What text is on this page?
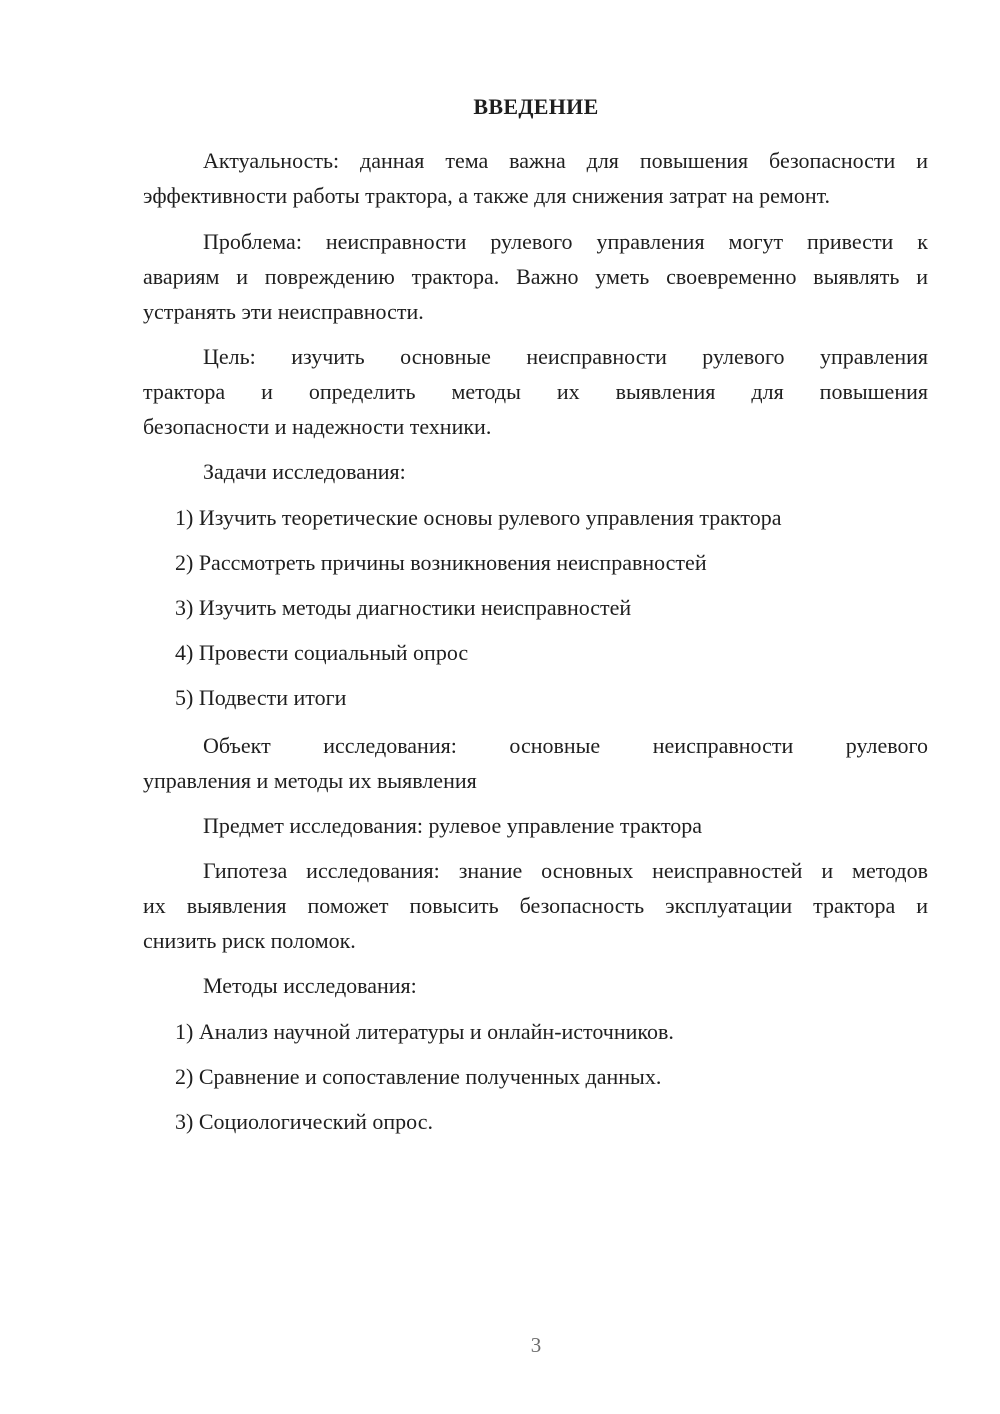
ВВЕДЕНИЕ

Актуальность: данная тема важна для повышения безопасности и
эффективности работы трактора, а также для снижения затрат на ремонт.

Проблема: неисправности рулевого управления могут привести к
авариям и повреждению трактора. Важно уметь своевременно выявлять и
устранять эти неисправности.

Цель: изучить основные неисправности рулевого управления
трактора и определить методы их выявления для повышения
безопасности и надежности техники.

Задачи исследования:

1) Изучить теоретические основы рулевого управления трактора

2) Рассмотреть причины возникновения неисправностей

3) Изучить методы диагностики неисправностей

4) Провести социальный опрос

5) Подвести итоги

Объект исследования: основные неисправности рулевого
управления и методы их выявления

Предмет исследования: рулевое управление трактора

Гипотеза исследования: знание основных неисправностей и методов
их выявления поможет повысить безопасность эксплуатации трактора и
снизить риск поломок.

Методы исследования:

1) Анализ научной литературы и онлайн-источников.

2) Сравнение и сопоставление полученных данных.

3) Социологический опрос.

3
